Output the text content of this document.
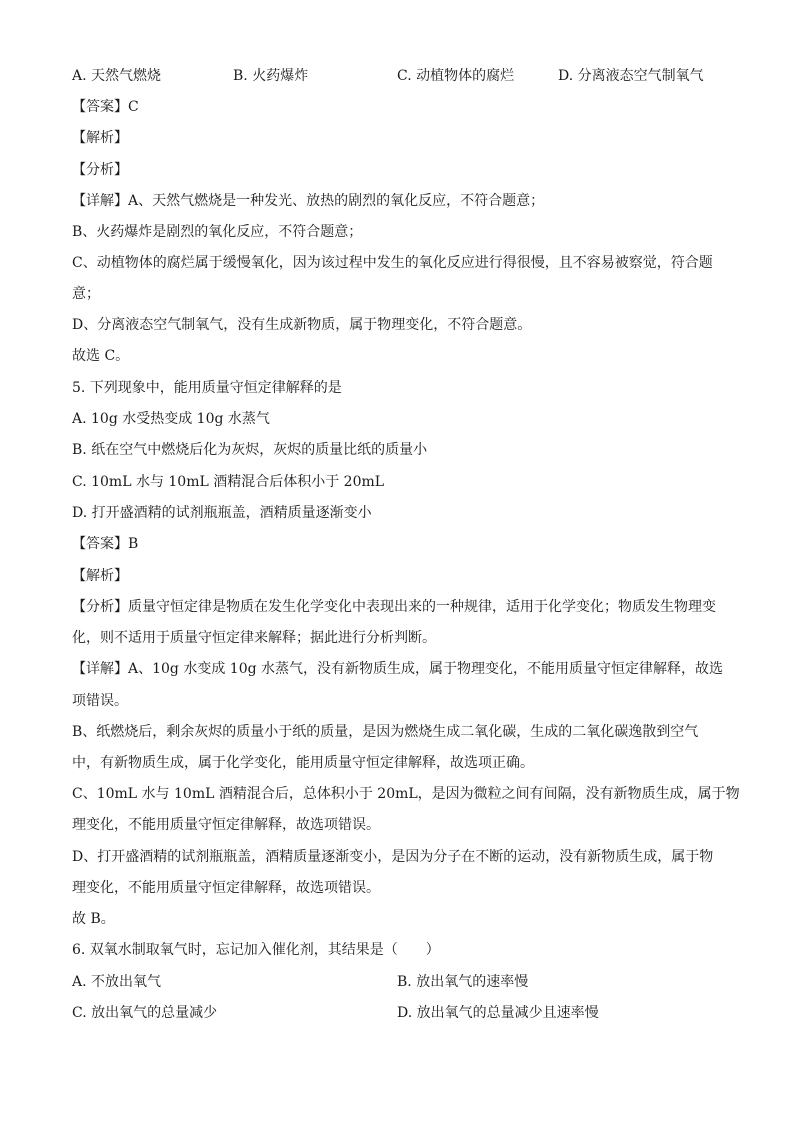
A. 天然气燃烧	B. 火药爆炸	C. 动植物体的腐烂	D. 分离液态空气制氧气
【答案】C
【解析】
【分析】
【详解】A、天然气燃烧是一种发光、放热的剧烈的氧化反应，不符合题意；
B、火药爆炸是剧烈的氧化反应，不符合题意；
C、动植物体的腐烂属于缓慢氧化，因为该过程中发生的氧化反应进行得很慢，且不容易被察觉，符合题
意；
D、分离液态空气制氧气，没有生成新物质，属于物理变化，不符合题意。
故选 C。
5. 下列现象中，能用质量守恒定律解释的是
A. 10g 水受热变成 10g 水蒸气
B. 纸在空气中燃烧后化为灰烬，灰烬的质量比纸的质量小
C. 10mL 水与 10mL 酒精混合后体积小于 20mL
D. 打开盛酒精的试剂瓶瓶盖，酒精质量逐渐变小
【答案】B
【解析】
【分析】质量守恒定律是物质在发生化学变化中表现出来的一种规律，适用于化学变化；物质发生物理变
化，则不适用于质量守恒定律来解释；据此进行分析判断。
【详解】A、10g 水变成 10g 水蒸气，没有新物质生成，属于物理变化，不能用质量守恒定律解释，故选
项错误。
B、纸燃烧后，剩余灰烬的质量小于纸的质量，是因为燃烧生成二氧化碳，生成的二氧化碳逸散到空气
中，有新物质生成，属于化学变化，能用质量守恒定律解释，故选项正确。
C、10mL 水与 10mL 酒精混合后，总体积小于 20mL，是因为微粒之间有间隔，没有新物质生成，属于物
理变化，不能用质量守恒定律解释，故选项错误。
D、打开盛酒精的试剂瓶瓶盖，酒精质量逐渐变小，是因为分子在不断的运动，没有新物质生成，属于物
理变化，不能用质量守恒定律解释，故选项错误。
故 B。
6. 双氧水制取氧气时，忘记加入催化剂，其结果是（　　）
A. 不放出氧气	B. 放出氧气的速率慢
C. 放出氧气的总量减少	D. 放出氧气的总量减少且速率慢
